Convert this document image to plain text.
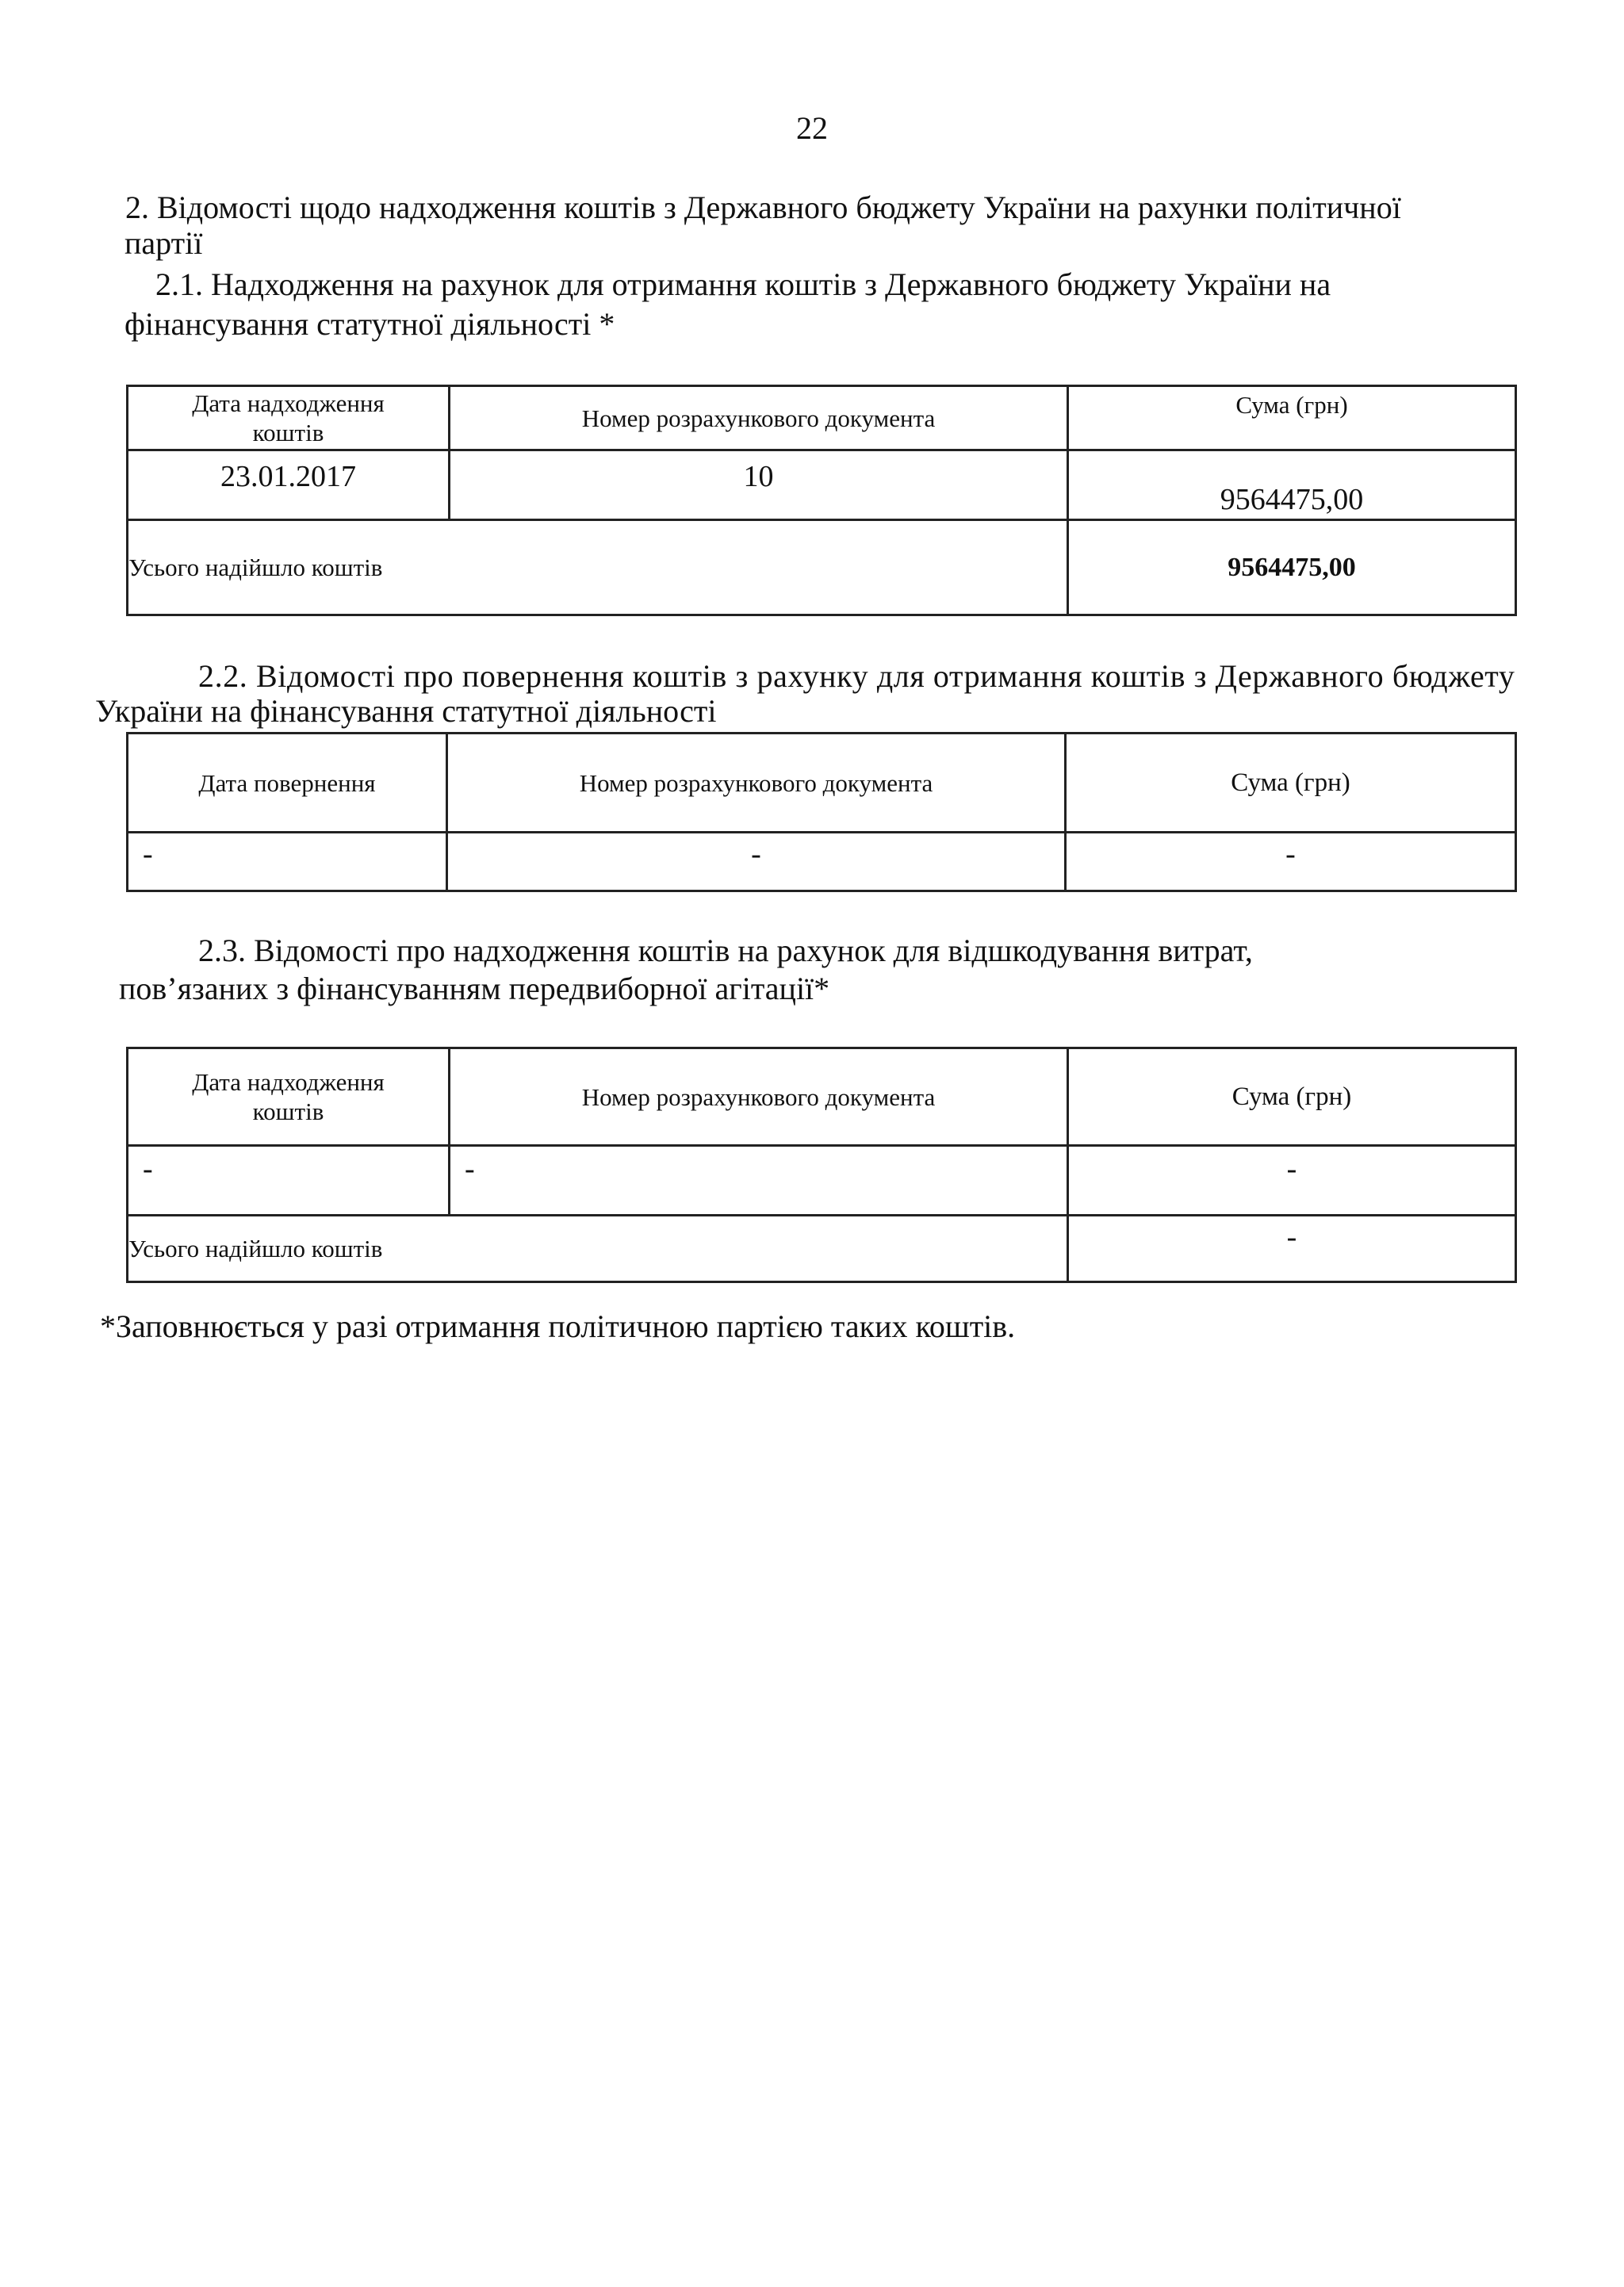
22
2. Відомості щодо надходження коштів з Державного бюджету України на рахунки політичної
партії
2.1. Надходження на рахунок для отримання коштів з Державного бюджету України на
фінансування статутної діяльності *
Дата надходження коштів	Номер розрахункового документа	Сума (грн)
23.01.2017	10	9564475,00
Усього надійшло коштів		9564475,00
2.2. Відомості про повернення коштів з рахунку для отримання коштів з Державного бюджету
України на фінансування статутної діяльності
Дата повернення	Номер розрахункового документа	Сума (грн)
-	-	-
2.3. Відомості про надходження коштів на рахунок для відшкодування витрат,
пов’язаних з фінансуванням передвиборної агітації*
Дата надходження коштів	Номер розрахункового документа	Сума (грн)
-	-	-
Усього надійшло коштів		-
*Заповнюється у разі отримання політичною партією таких коштів.
